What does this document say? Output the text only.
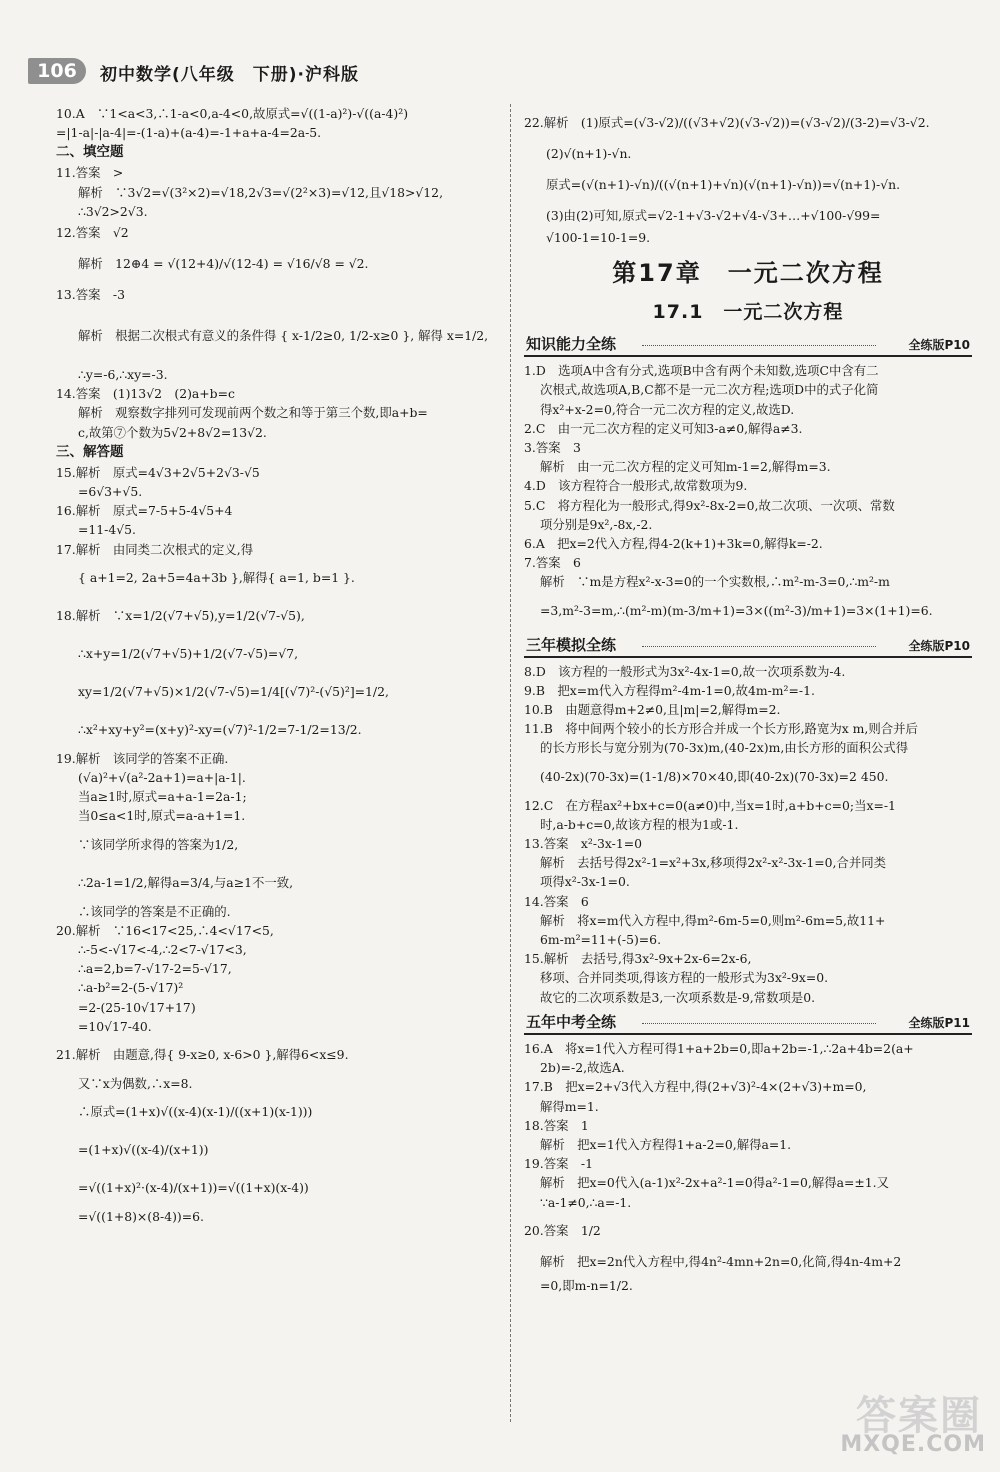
106	初中数学(八年级　下册)·沪科版
10.A　∵1<a<3,∴1-a<0,a-4<0,故原式=√((1-a)²)-√((a-4)²)
=|1-a|-|a-4|=-(1-a)+(a-4)=-1+a+a-4=2a-5.
二、填空题
11.答案　>
解析　∵3√2=√(3²×2)=√18,2√3=√(2²×3)=√12,且√18>√12,
∴3√2>2√3.
12.答案　√2
解析　12⊕4 = √(12+4)/√(12-4) = √16/√8 = √2.
13.答案　-3
解析　根据二次根式有意义的条件得 { x-1/2≥0, 1/2-x≥0 }, 解得 x=1/2,
∴y=-6,∴xy=-3.
14.答案　(1)13√2　(2)a+b=c
解析　观察数字排列可发现前两个数之和等于第三个数,即a+b=
c,故第⑦个数为5√2+8√2=13√2.
三、解答题
15.解析　原式=4√3+2√5+2√3-√5
=6√3+√5.
16.解析　原式=7-5+5-4√5+4
=11-4√5.
17.解析　由同类二次根式的定义,得
{ a+1=2, 2a+5=4a+3b },解得{ a=1, b=1 }.
18.解析　∵x=1/2(√7+√5),y=1/2(√7-√5),
∴x+y=1/2(√7+√5)+1/2(√7-√5)=√7,
xy=1/2(√7+√5)×1/2(√7-√5)=1/4[(√7)²-(√5)²]=1/2,
∴x²+xy+y²=(x+y)²-xy=(√7)²-1/2=7-1/2=13/2.
19.解析　该同学的答案不正确.
(√a)²+√(a²-2a+1)=a+|a-1|.
当a≥1时,原式=a+a-1=2a-1;
当0≤a<1时,原式=a-a+1=1.
∵该同学所求得的答案为1/2,
∴2a-1=1/2,解得a=3/4,与a≥1不一致,
∴该同学的答案是不正确的.
20.解析　∵16<17<25,∴4<√17<5,
∴-5<-√17<-4,∴2<7-√17<3,
∴a=2,b=7-√17-2=5-√17,
∴a-b²=2-(5-√17)²
=2-(25-10√17+17)
=10√17-40.
21.解析　由题意,得{ 9-x≥0, x-6>0 },解得6<x≤9.
又∵x为偶数,∴x=8.
∴原式=(1+x)√((x-4)(x-1)/((x+1)(x-1)))
=(1+x)√((x-4)/(x+1))
=√((1+x)²·(x-4)/(x+1))=√((1+x)(x-4))
=√((1+8)×(8-4))=6.
22.解析　(1)原式=(√3-√2)/((√3+√2)(√3-√2))=(√3-√2)/(3-2)=√3-√2.
(2)√(n+1)-√n.
原式=(√(n+1)-√n)/((√(n+1)+√n)(√(n+1)-√n))=√(n+1)-√n.
(3)由(2)可知,原式=√2-1+√3-√2+√4-√3+…+√100-√99=
√100-1=10-1=9.
第17章　一元二次方程
17.1　一元二次方程
知识能力全练	全练版P10
1.D　选项A中含有分式,选项B中含有两个未知数,选项C中含有二
次根式,故选项A,B,C都不是一元二次方程;选项D中的式子化简
得x²+x-2=0,符合一元二次方程的定义,故选D.
2.C　由一元二次方程的定义可知3-a≠0,解得a≠3.
3.答案　3
解析　由一元二次方程的定义可知m-1=2,解得m=3.
4.D　该方程符合一般形式,故常数项为9.
5.C　将方程化为一般形式,得9x²-8x-2=0,故二次项、一次项、常数
项分别是9x²,-8x,-2.
6.A　把x=2代入方程,得4-2(k+1)+3k=0,解得k=-2.
7.答案　6
解析　∵m是方程x²-x-3=0的一个实数根,∴m²-m-3=0,∴m²-m
=3,m²-3=m,∴(m²-m)(m-3/m+1)=3×((m²-3)/m+1)=3×(1+1)=6.
三年模拟全练	全练版P10
8.D　该方程的一般形式为3x²-4x-1=0,故一次项系数为-4.
9.B　把x=m代入方程得m²-4m-1=0,故4m-m²=-1.
10.B　由题意得m+2≠0,且|m|=2,解得m=2.
11.B　将中间两个较小的长方形合并成一个长方形,路宽为x m,则合并后
的长方形长与宽分别为(70-3x)m,(40-2x)m,由长方形的面积公式得
(40-2x)(70-3x)=(1-1/8)×70×40,即(40-2x)(70-3x)=2 450.
12.C　在方程ax²+bx+c=0(a≠0)中,当x=1时,a+b+c=0;当x=-1
时,a-b+c=0,故该方程的根为1或-1.
13.答案　x²-3x-1=0
解析　去括号得2x²-1=x²+3x,移项得2x²-x²-3x-1=0,合并同类
项得x²-3x-1=0.
14.答案　6
解析　将x=m代入方程中,得m²-6m-5=0,则m²-6m=5,故11+
6m-m²=11+(-5)=6.
15.解析　去括号,得3x²-9x+2x-6=2x-6,
移项、合并同类项,得该方程的一般形式为3x²-9x=0.
故它的二次项系数是3,一次项系数是-9,常数项是0.
五年中考全练	全练版P11
16.A　将x=1代入方程可得1+a+2b=0,即a+2b=-1,∴2a+4b=2(a+
2b)=-2,故选A.
17.B　把x=2+√3代入方程中,得(2+√3)²-4×(2+√3)+m=0,
解得m=1.
18.答案　1
解析　把x=1代入方程得1+a-2=0,解得a=1.
19.答案　-1
解析　把x=0代入(a-1)x²-2x+a²-1=0得a²-1=0,解得a=±1.又
∵a-1≠0,∴a=-1.
20.答案　1/2
解析　把x=2n代入方程中,得4n²-4mn+2n=0,化简,得4n-4m+2
=0,即m-n=1/2.
答案圈
MXQE.COM
